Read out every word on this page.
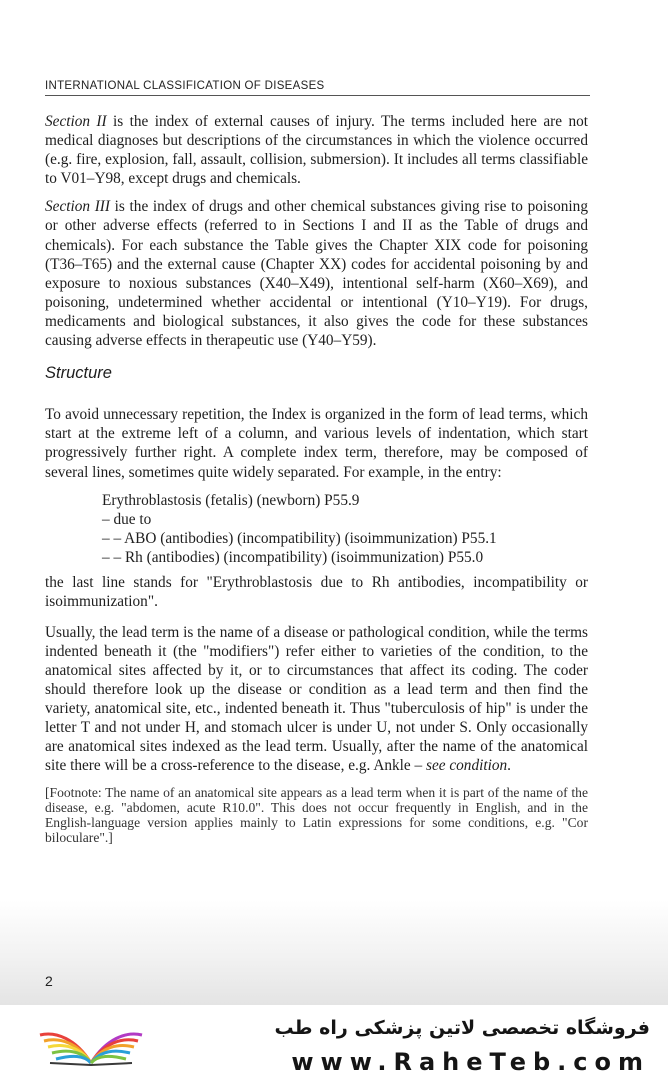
INTERNATIONAL CLASSIFICATION OF DISEASES

Section II is the index of external causes of injury. The terms included here are not medical diagnoses but descriptions of the circumstances in which the violence occurred (e.g. fire, explosion, fall, assault, collision, submersion). It includes all terms classifiable to V01–Y98, except drugs and chemicals.

Section III is the index of drugs and other chemical substances giving rise to poisoning or other adverse effects (referred to in Sections I and II as the Table of drugs and chemicals). For each substance the Table gives the Chapter XIX code for poisoning (T36–T65) and the external cause (Chapter XX) codes for accidental poisoning by and exposure to noxious substances (X40–X49), intentional self-harm (X60–X69), and poisoning, undetermined whether accidental or intentional (Y10–Y19). For drugs, medicaments and biological substances, it also gives the code for these substances causing adverse effects in therapeutic use (Y40–Y59).

Structure

To avoid unnecessary repetition, the Index is organized in the form of lead terms, which start at the extreme left of a column, and various levels of indentation, which start progressively further right. A complete index term, therefore, may be composed of several lines, sometimes quite widely separated. For example, in the entry:

Erythroblastosis (fetalis) (newborn) P55.9
– due to
– – ABO (antibodies) (incompatibility) (isoimmunization) P55.1
– – Rh (antibodies) (incompatibility) (isoimmunization) P55.0

the last line stands for "Erythroblastosis due to Rh antibodies, incompatibility or isoimmunization".

Usually, the lead term is the name of a disease or pathological condition, while the terms indented beneath it (the "modifiers") refer either to varieties of the condition, to the anatomical sites affected by it, or to circumstances that affect its coding. The coder should therefore look up the disease or condition as a lead term and then find the variety, anatomical site, etc., indented beneath it. Thus "tuberculosis of hip" is under the letter T and not under H, and stomach ulcer is under U, not under S. Only occasionally are anatomical sites indexed as the lead term. Usually, after the name of the anatomical site there will be a cross-reference to the disease, e.g. Ankle – see condition.

[Footnote: The name of an anatomical site appears as a lead term when it is part of the name of the disease, e.g. "abdomen, acute R10.0". This does not occur frequently in English, and in the English-language version applies mainly to Latin expressions for some conditions, e.g. "Cor biloculare".]

2
فروشگاه تخصصی لاتین پزشکی راه طب
www.RaheTeb.com
